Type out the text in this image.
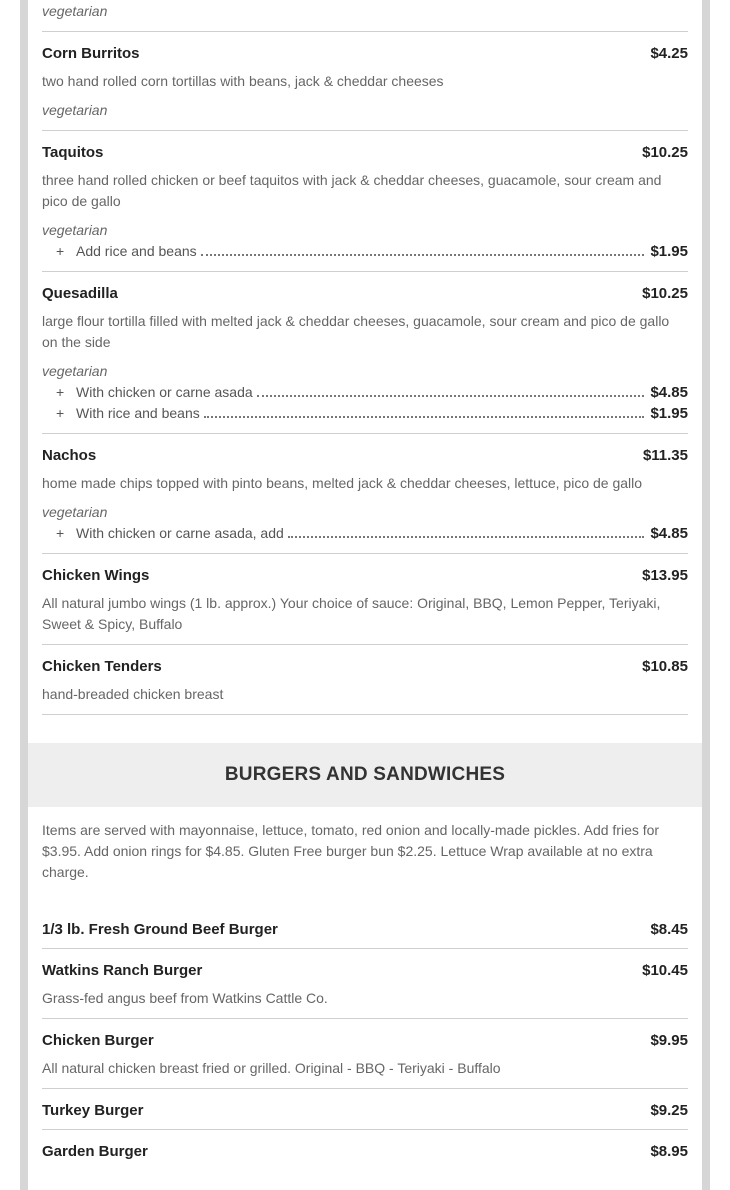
vegetarian
Corn Burritos	$4.25
two hand rolled corn tortillas with beans, jack & cheddar cheeses
vegetarian
Taquitos	$10.25
three hand rolled chicken or beef taquitos with jack & cheddar cheeses, guacamole, sour cream and pico de gallo
vegetarian
+ Add rice and beans	$1.95
Quesadilla	$10.25
large flour tortilla filled with melted jack & cheddar cheeses, guacamole, sour cream and pico de gallo on the side
vegetarian
+ With chicken or carne asada	$4.85
+ With rice and beans	$1.95
Nachos	$11.35
home made chips topped with pinto beans, melted jack & cheddar cheeses, lettuce, pico de gallo
vegetarian
+ With chicken or carne asada, add	$4.85
Chicken Wings	$13.95
All natural jumbo wings (1 lb. approx.) Your choice of sauce: Original, BBQ, Lemon Pepper, Teriyaki, Sweet & Spicy, Buffalo
Chicken Tenders	$10.85
hand-breaded chicken breast
BURGERS AND SANDWICHES
Items are served with mayonnaise, lettuce, tomato, red onion and locally-made pickles. Add fries for $3.95. Add onion rings for $4.85. Gluten Free burger bun $2.25. Lettuce Wrap available at no extra charge.
1/3 lb. Fresh Ground Beef Burger	$8.45
Watkins Ranch Burger	$10.45
Grass-fed angus beef from Watkins Cattle Co.
Chicken Burger	$9.95
All natural chicken breast fried or grilled. Original - BBQ - Teriyaki - Buffalo
Turkey Burger	$9.25
Garden Burger	$8.95
